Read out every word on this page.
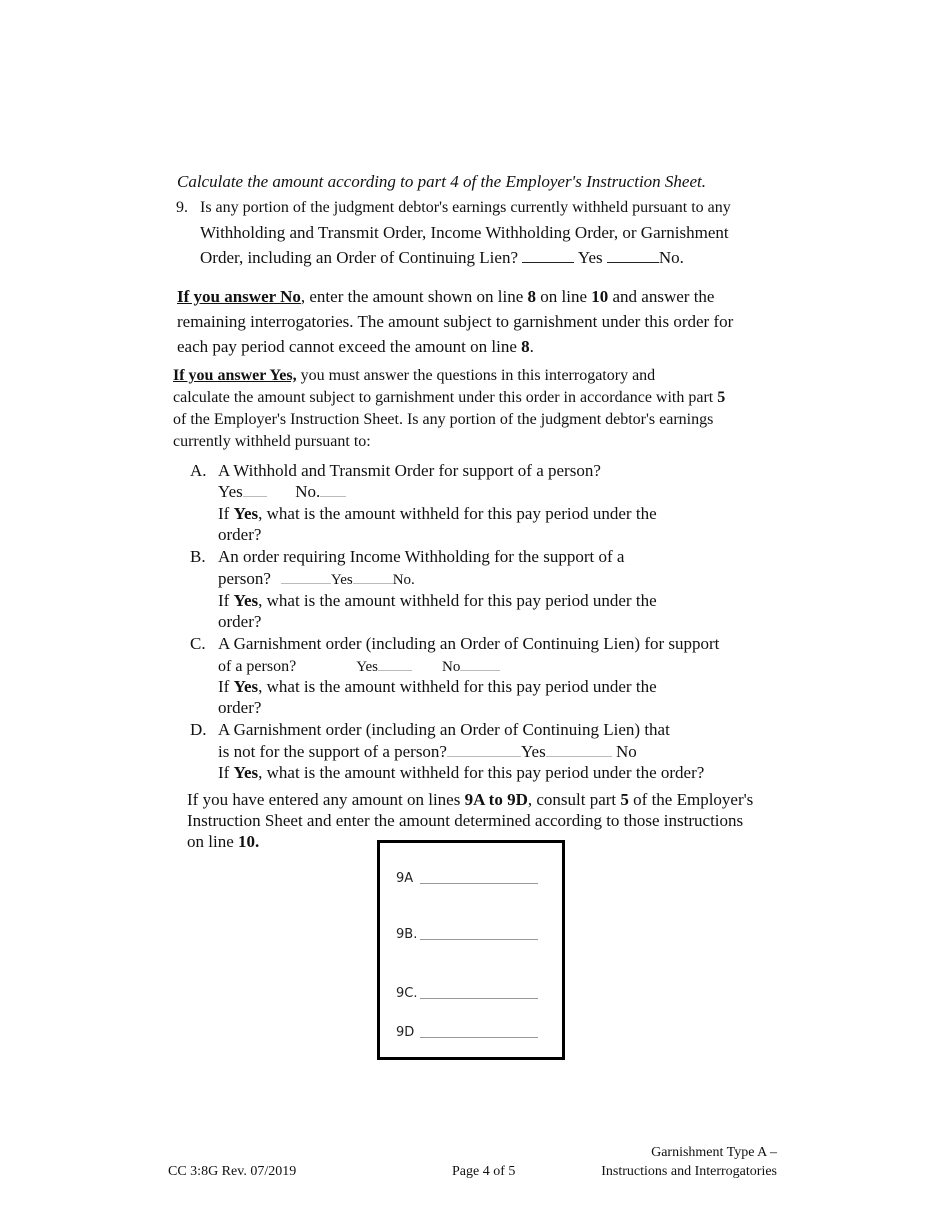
Calculate the amount according to part 4 of the Employer's Instruction Sheet.
9. Is any portion of the judgment debtor's earnings currently withheld pursuant to any
Withholding and Transmit Order, Income Withholding Order, or Garnishment
Order, including an Order of Continuing Lien?	Yes	No.
If you answer No, enter the amount shown on line 8 on line 10 and answer the
remaining interrogatories. The amount subject to garnishment under this order for
each pay period cannot exceed the amount on line 8.
If you answer Yes, you must answer the questions in this interrogatory and
calculate the amount subject to garnishment under this order in accordance with part 5
of the Employer's Instruction Sheet. Is any portion of the judgment debtor's earnings
currently withheld pursuant to:
A. A Withhold and Transmit Order for support of a person?
Yes	No.
If Yes, what is the amount withheld for this pay period under the
order?
B. An order requiring Income Withholding for the support of a
person?	Yes	No.
If Yes, what is the amount withheld for this pay period under the
order?
C. A Garnishment order (including an Order of Continuing Lien) for support
of a person?	Yes	No
If Yes, what is the amount withheld for this pay period under the
order?
D. A Garnishment order (including an Order of Continuing Lien) that
is not for the support of a person?	Yes	No
If Yes, what is the amount withheld for this pay period under the order?
If you have entered any amount on lines 9A to 9D, consult part 5 of the Employer's
Instruction Sheet and enter the amount determined according to those instructions
on line 10.
9A
9B.
9C.
9D
CC 3:8G Rev. 07/2019	Page 4 of 5
Garnishment Type A –
Instructions and Interrogatories
